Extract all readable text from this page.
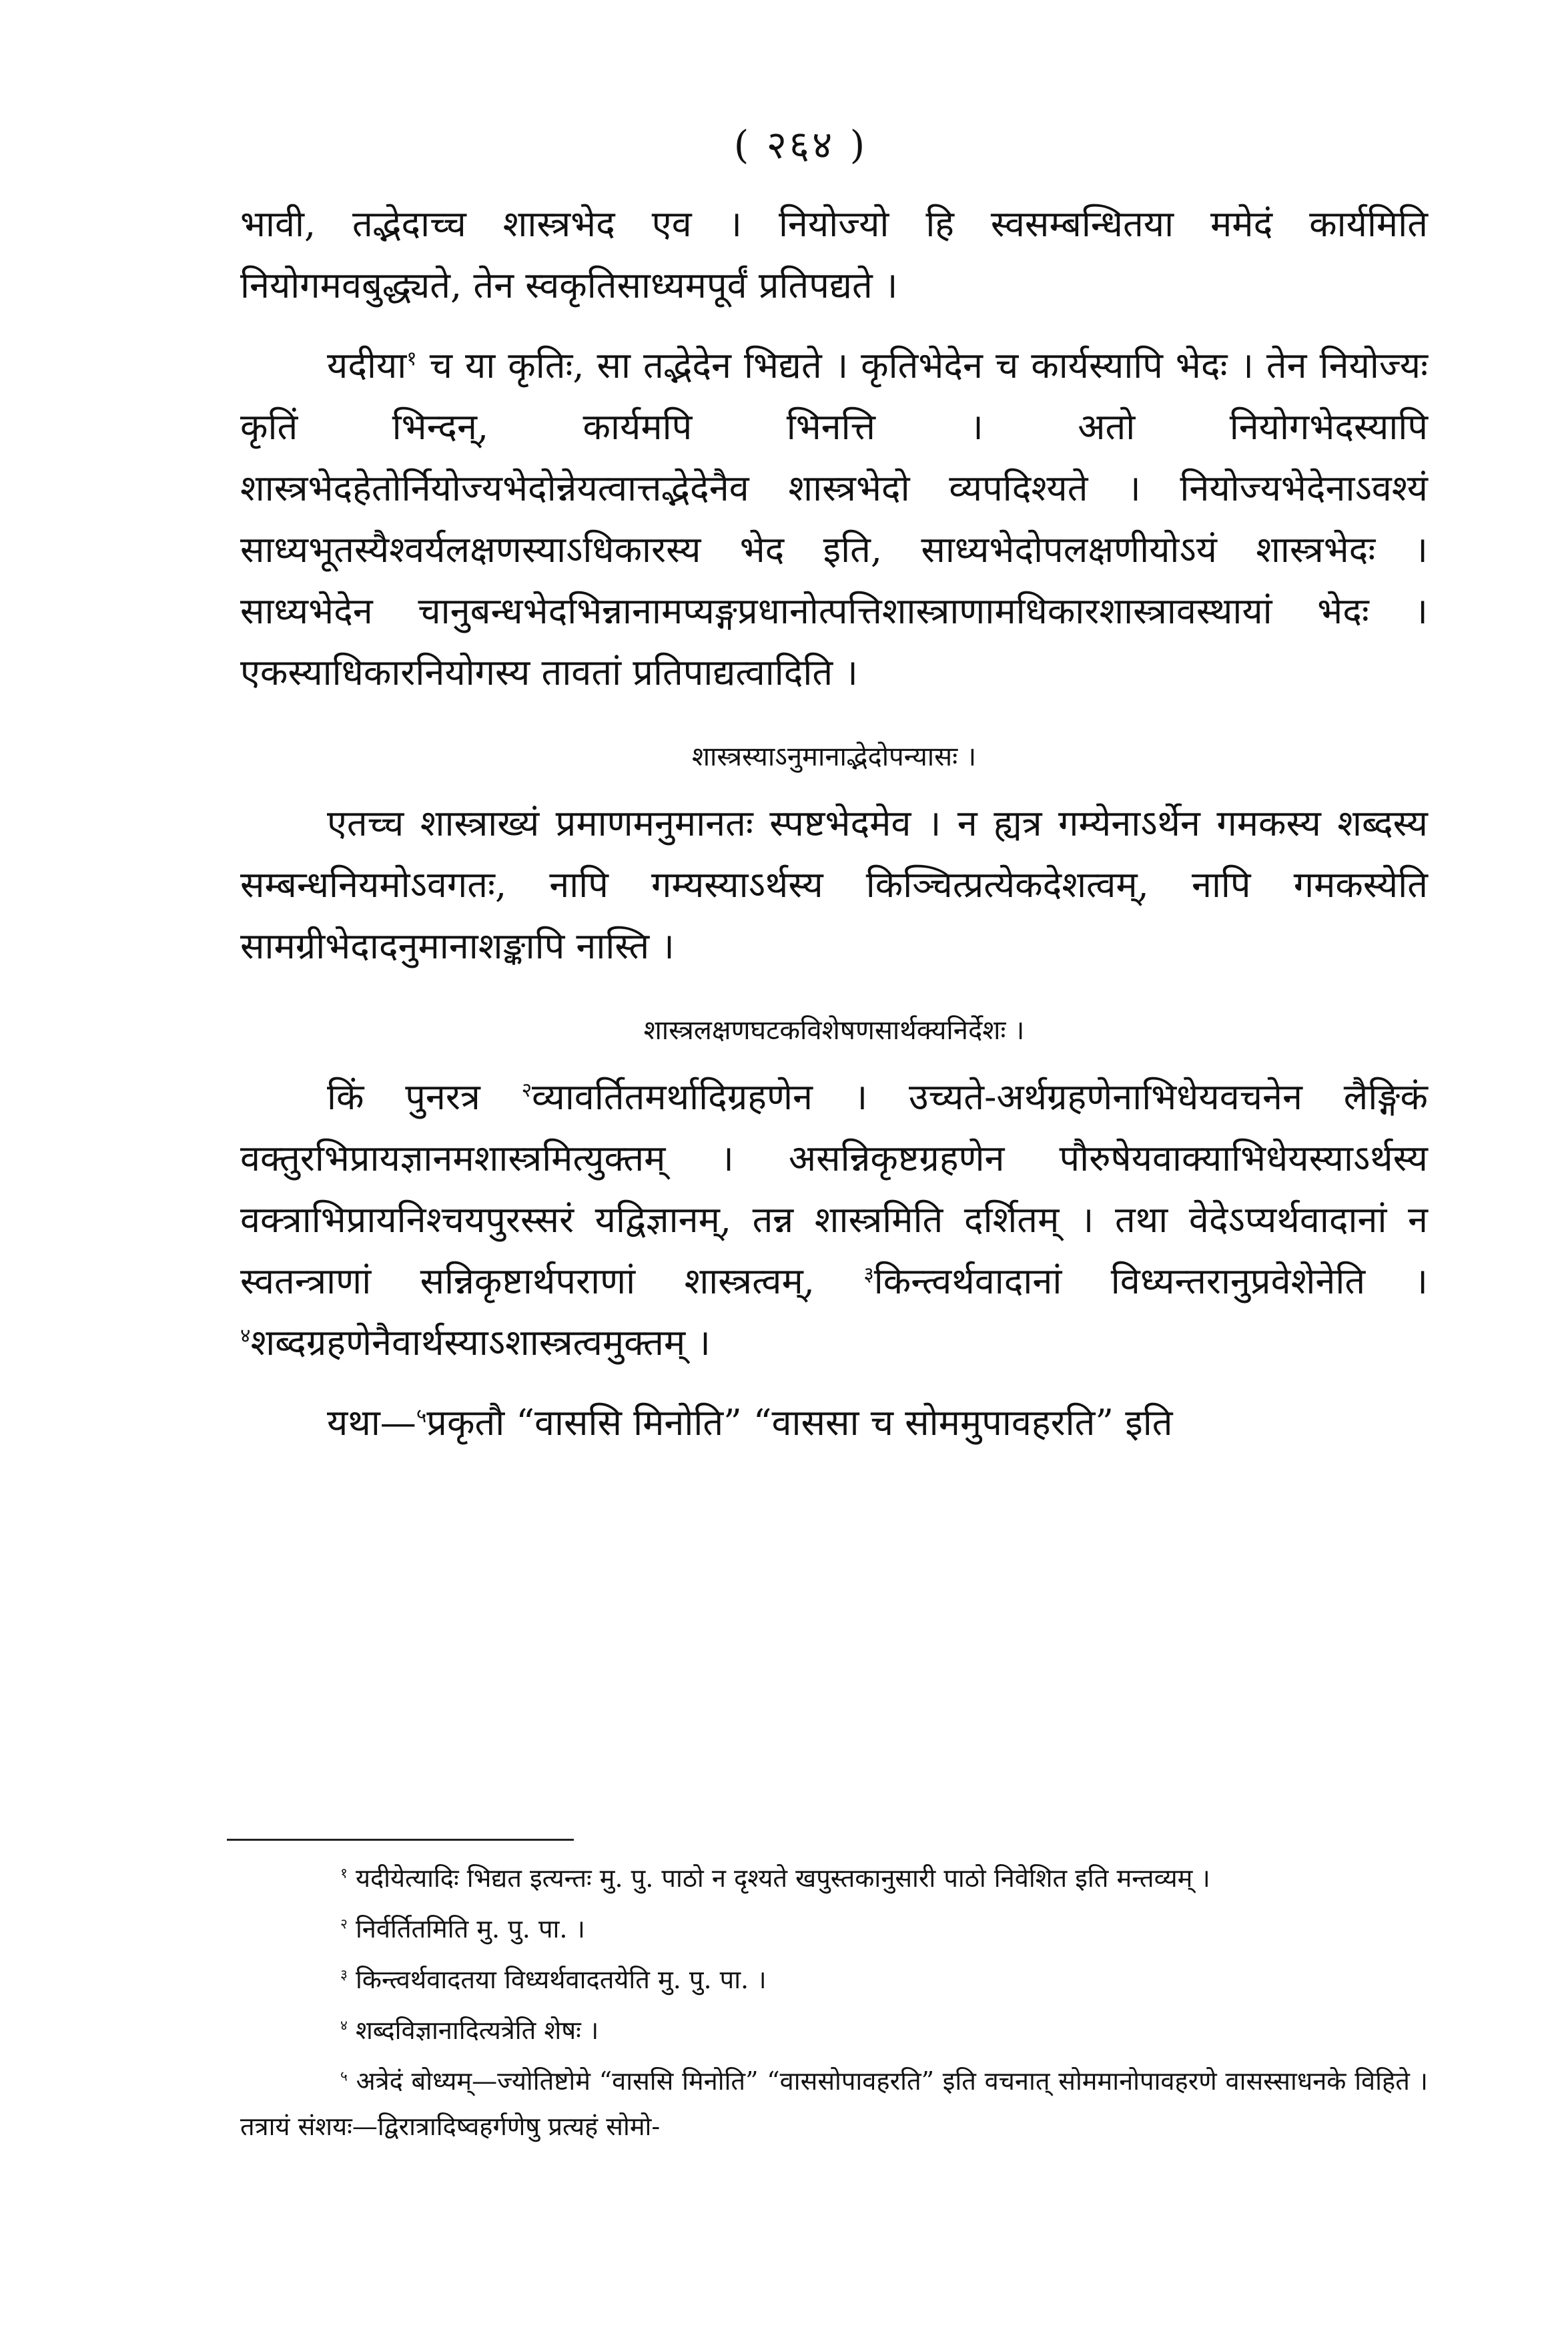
( २६४ )

भावी, तद्भेदाच्च शास्त्रभेद एव । नियोज्यो हि स्वसम्बन्धितया ममेदं कार्यमिति नियोगमवबुद्ध्यते, तेन स्वकृतिसाध्यमपूर्वं प्रतिपद्यते ।

यदीया$^१$ च या कृतिः, सा तद्भेदेन भिद्यते । कृतिभेदेन च कार्यस्यापि भेदः । तेन नियोज्यः कृतिं भिन्दन्, कार्यमपि भिनत्ति । अतो नियोगभेदस्यापि शास्त्रभेदहेतोर्नियोज्यभेदोन्नेयत्वात्तद्भेदेनैव शास्त्रभेदो व्यपदिश्यते । नियोज्यभेदेनाऽवश्यं साध्यभूतस्यैश्वर्यलक्षणस्याऽधिकारस्य भेद इति, साध्यभेदोपलक्षणीयोऽयं शास्त्रभेदः । साध्यभेदेन चानुबन्धभेदभिन्नानामप्यङ्गप्रधानोत्पत्तिशास्त्राणामधिकारशास्त्रावस्थायां भेदः । एकस्याधिकारनियोगस्य तावतां प्रतिपाद्यत्वादिति ।

शास्त्रस्याऽनुमानाद्भेदोपन्यासः ।

एतच्च शास्त्राख्यं प्रमाणमनुमानतः स्पष्टभेदमेव । न ह्यत्र गम्येनाऽर्थेन गमकस्य शब्दस्य सम्बन्धनियमोऽवगतः, नापि गम्यस्याऽर्थस्य किञ्चित्प्रत्येकदेशत्वम्, नापि गमकस्येति सामग्रीभेदादनुमानाशङ्कापि नास्ति ।

शास्त्रलक्षणघटकविशेषणसार्थक्यनिर्देशः ।

किं पुनरत्र $^२$व्यावर्तितमर्थादिग्रहणेन । उच्यते-अर्थग्रहणेनाभिधेयवचनेन लैङ्गिकं वक्तुरभिप्रायज्ञानमशास्त्रमित्युक्तम् । असन्निकृष्टग्रहणेन पौरुषेयवाक्याभिधेयस्याऽर्थस्य वक्त्राभिप्रायनिश्चयपुरस्सरं यद्विज्ञानम्, तन्न शास्त्रमिति दर्शितम् । तथा वेदेऽप्यर्थवादानां न स्वतन्त्राणां सन्निकृष्टार्थपराणां शास्त्रत्वम्, $^३$किन्त्वर्थवादानां विध्यन्तरानुप्रवेशेनेति । $^४$शब्दग्रहणेनैवार्थस्याऽशास्त्रत्वमुक्तम् ।

यथा—$^५$प्रकृतौ “वाससि मिनोति” “वाससा च सोममुपावहरति” इति

$^१$ यदीयेत्यादिः भिद्यत इत्यन्तः मु. पु. पाठो न दृश्यते खपुस्तकानुसारी पाठो निवेशित इति मन्तव्यम् ।

$^२$ निर्वर्तितमिति मु. पु. पा. ।

$^३$ किन्त्वर्थवादतया विध्यर्थवादतयेति मु. पु. पा. ।

$^४$ शब्दविज्ञानादित्यत्रेति शेषः ।

$^५$ अत्रेदं बोध्यम्—ज्योतिष्टोमे “वाससि मिनोति” “वाससोपावहरति” इति वचनात् सोममानोपावहरणे वासस्साधनके विहिते । तत्रायं संशयः—द्विरात्रादिष्वहर्गणेषु प्रत्यहं सोमो-
